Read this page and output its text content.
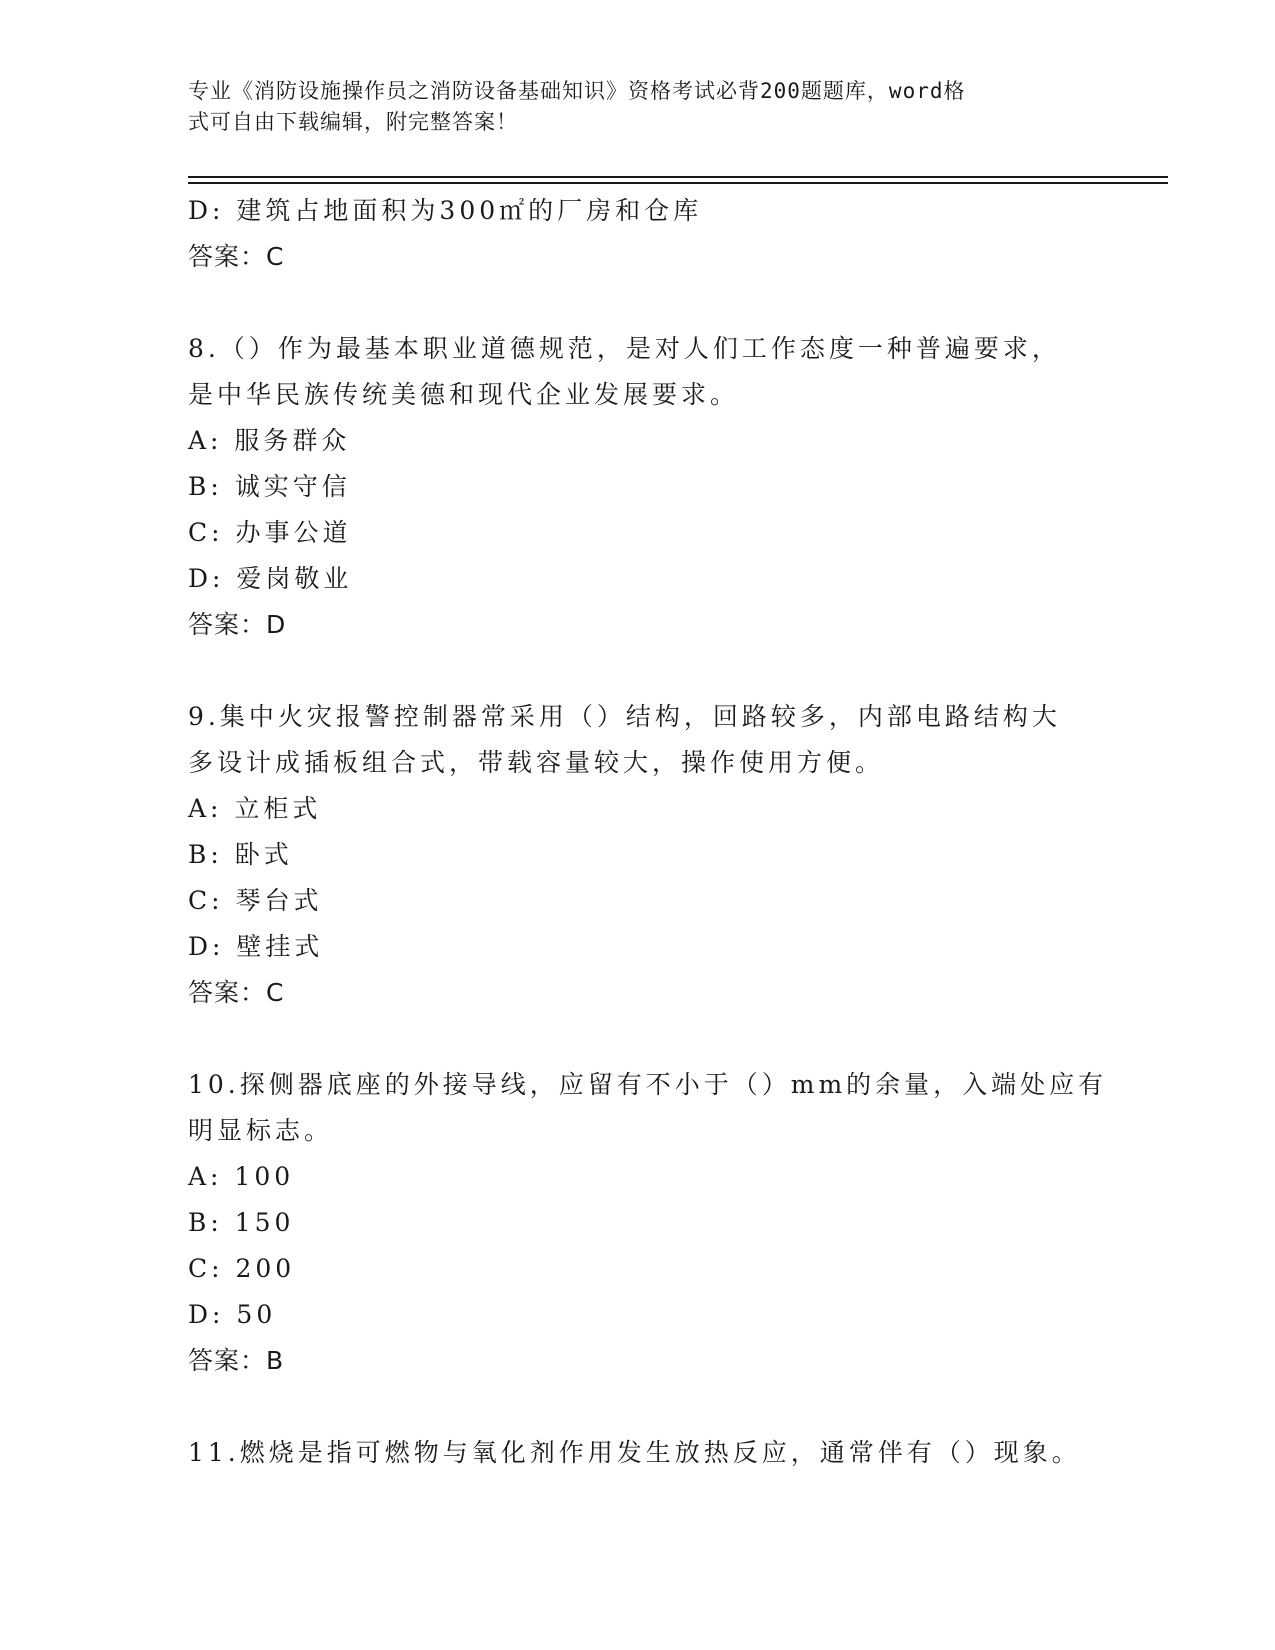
专业《消防设施操作员之消防设备基础知识》资格考试必背200题题库，word格
式可自由下载编辑，附完整答案！
D: 建筑占地面积为300㎡的厂房和仓库
答案：C
8.（）作为最基本职业道德规范，是对人们工作态度一种普遍要求，
是中华民族传统美德和现代企业发展要求。
A: 服务群众
B: 诚实守信
C: 办事公道
D: 爱岗敬业
答案：D
9.集中火灾报警控制器常采用（）结构，回路较多，内部电路结构大
多设计成插板组合式，带载容量较大，操作使用方便。
A: 立柜式
B: 卧式
C: 琴台式
D: 壁挂式
答案：C
10.探侧器底座的外接导线，应留有不小于（）mm的余量，入端处应有
明显标志。
A: 100
B: 150
C: 200
D: 50
答案：B
11.燃烧是指可燃物与氧化剂作用发生放热反应，通常伴有（）现象。
